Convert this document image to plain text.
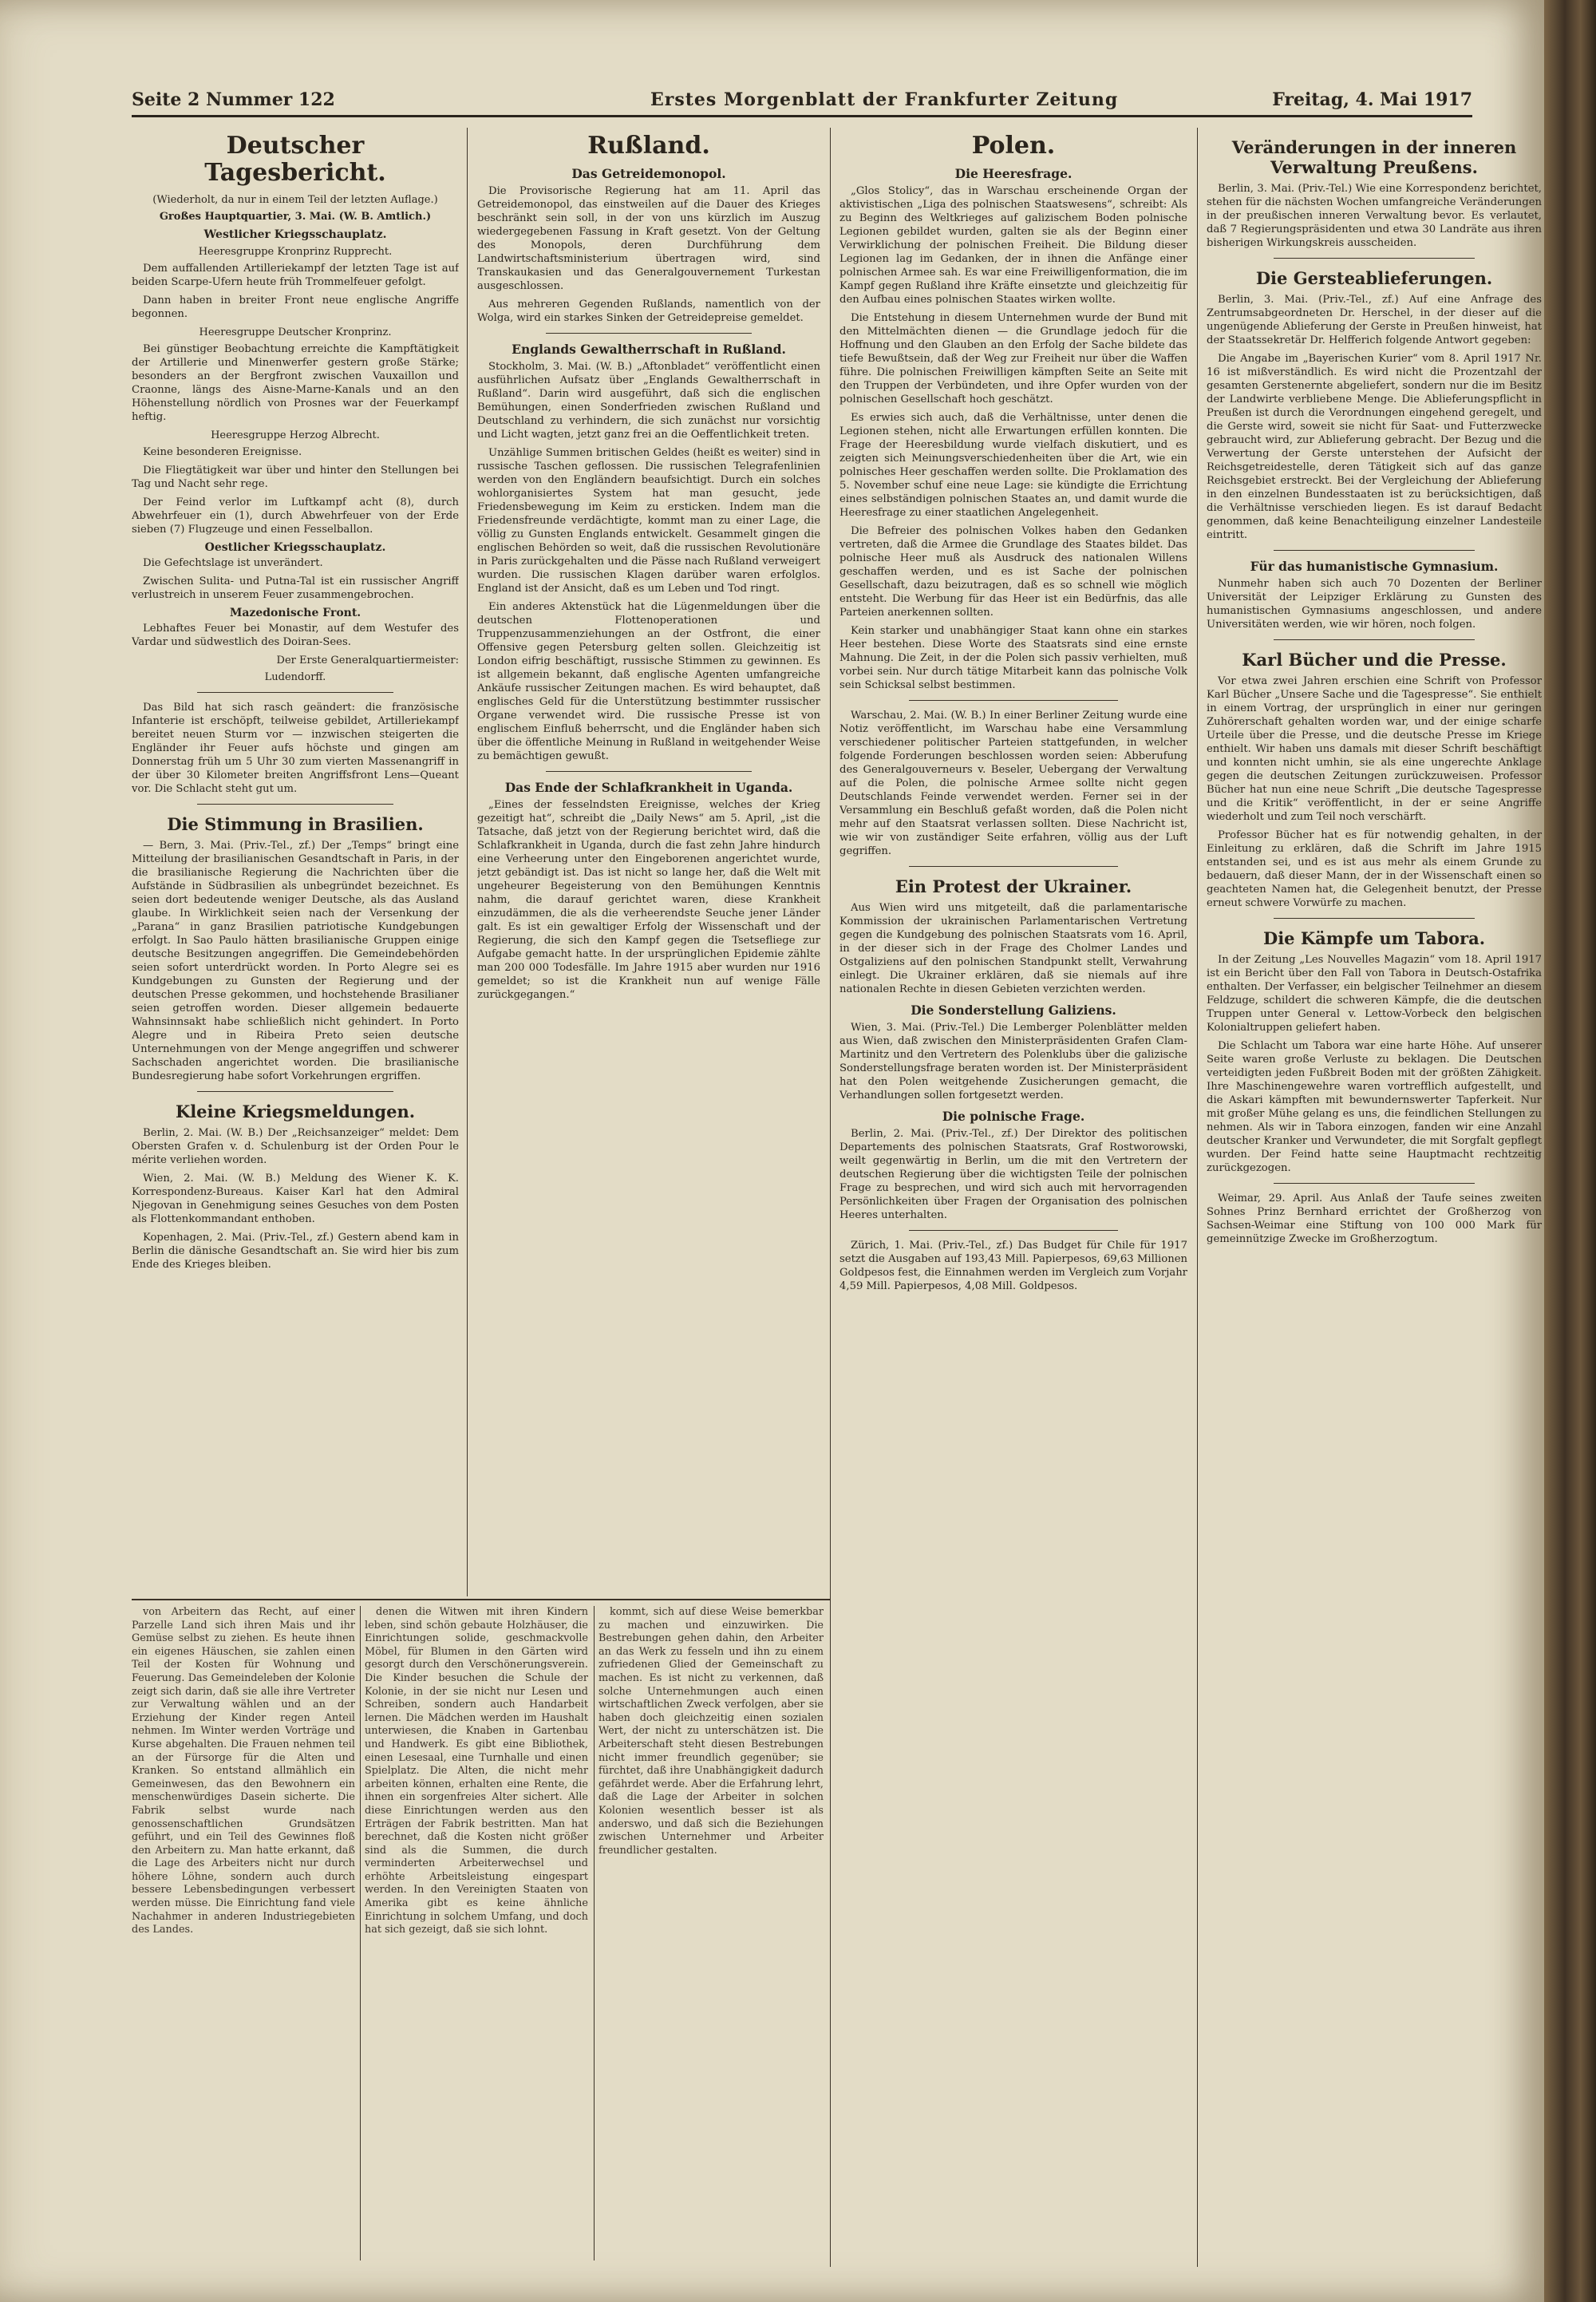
Seite 2 Nummer 122	Erstes Morgenblatt der Frankfurter Zeitung	Freitag, 4. Mai 1917
Deutscher Tagesbericht.
(Wiederholt, da nur in einem Teil der letzten Auflage.)
Großes Hauptquartier, 3. Mai. (W. B. Amtlich.)
Westlicher Kriegsschauplatz.
Heeresgruppe Kronprinz Rupprecht.

Dem auffallenden Artilleriekampf der letzten Tage ist auf beiden Scarpe-Ufern heute früh Trommelfeuer gefolgt.

Dann haben in breiter Front neue englische Angriffe begonnen.

Heeresgruppe Deutscher Kronprinz.

Bei günstiger Beobachtung erreichte die Kampftätigkeit der Artillerie und Minenwerfer gestern große Stärke; besonders an der Bergfront zwischen Vauxaillon und Craonne, längs des Aisne-Marne-Kanals und an den Höhenstellung nördlich von Prosnes war der Feuerkampf heftig.

Heeresgruppe Herzog Albrecht.

Keine besonderen Ereignisse.

Die Fliegtätigkeit war über und hinter den Stellungen bei Tag und Nacht sehr rege.

Der Feind verlor im Luftkampf acht (8), durch Abwehrfeuer ein (1), durch Abwehrfeuer von der Erde sieben (7) Flugzeuge und einen Fesselballon.

Oestlicher Kriegsschauplatz.

Die Gefechtslage ist unverändert.

Zwischen Sulita- und Putna-Tal ist ein russischer Angriff verlustreich in unserem Feuer zusammengebrochen.

Mazedonische Front.

Lebhaftes Feuer bei Monastir, auf dem Westufer des Vardar und südwestlich des Doiran-Sees.

Der Erste Generalquartiermeister:
Ludendorff.

Das Bild hat sich rasch geändert: die französische Infanterie ist erschöpft, teilweise gebildet, Artilleriekampf bereitet neuen Sturm vor — inzwischen steigerten die Engländer ihr Feuer aufs höchste und gingen am Donnerstag früh um 5 Uhr 30 zum vierten Massenangriff in der über 30 Kilometer breiten Angriffsfront Lens—Queant vor. Die Schlacht steht gut um.

Die Stimmung in Brasilien.

— Bern, 3. Mai. (Priv.-Tel., zf.) Der „Temps“ bringt eine Mitteilung der brasilianischen Gesandtschaft in Paris, in der die brasilianische Regierung die Nachrichten über die Aufstände in Südbrasilien als unbegründet bezeichnet. Es seien dort bedeutende weniger Deutsche, als das Ausland glaube. In Wirklichkeit seien nach der Versenkung der „Parana“ in ganz Brasilien patriotische Kundgebungen erfolgt. In Sao Paulo hätten brasilianische Gruppen einige deutsche Besitzungen angegriffen. Die Gemeindebehörden seien sofort unterdrückt worden. In Porto Alegre sei es Kundgebungen zu Gunsten der Regierung und der deutschen Presse gekommen, und hochstehende Brasilianer seien getroffen worden. Dieser allgemein bedauerte Wahnsinnsakt habe schließlich nicht gehindert. In Porto Alegre und in Ribeira Preto seien deutsche Unternehmungen von der Menge angegriffen und schwerer Sachschaden angerichtet worden. Die brasilianische Bundesregierung habe sofort Vorkehrungen ergriffen.

Kleine Kriegsmeldungen.

Berlin, 2. Mai. (W. B.) Der „Reichsanzeiger“ meldet: Dem Obersten Grafen v. d. Schulenburg ist der Orden Pour le mérite verliehen worden.

Wien, 2. Mai. (W. B.) Meldung des Wiener K. K. Korrespondenz-Bureaus. Kaiser Karl hat den Admiral Njegovan in Genehmigung seines Gesuches von dem Posten als Flottenkommandant enthoben.

Kopenhagen, 2. Mai. (Priv.-Tel., zf.) Gestern abend kam in Berlin die dänische Gesandtschaft an. Sie wird hier bis zum Ende des Krieges bleiben.

Rußland.
Das Getreidemonopol.

Die Provisorische Regierung hat am 11. April das Getreidemonopol, das einstweilen auf die Dauer des Krieges beschränkt sein soll, in der von uns kürzlich im Auszug wiedergegebenen Fassung in Kraft gesetzt. Von der Geltung des Monopols, deren Durchführung dem Landwirtschaftsministerium übertragen wird, sind Transkaukasien und das Generalgouvernement Turkestan ausgeschlossen.

Aus mehreren Gegenden Rußlands, namentlich von der Wolga, wird ein starkes Sinken der Getreidepreise gemeldet.

Englands Gewaltherrschaft in Rußland.

Stockholm, 3. Mai. (W. B.) „Aftonbladet“ veröffentlicht einen ausführlichen Aufsatz über „Englands Gewaltherrschaft in Rußland“. Darin wird ausgeführt, daß sich die englischen Bemühungen, einen Sonderfrieden zwischen Rußland und Deutschland zu verhindern, die sich zunächst nur vorsichtig und Licht wagten, jetzt ganz frei an die Oeffentlichkeit treten.

Unzählige Summen britischen Geldes (heißt es weiter) sind in russische Taschen geflossen. Die russischen Telegrafenlinien werden von den Engländern beaufsichtigt. Durch ein solches wohlorganisiertes System hat man gesucht, jede Friedensbewegung im Keim zu ersticken. Indem man die Friedensfreunde verdächtigte, kommt man zu einer Lage, die völlig zu Gunsten Englands entwickelt. Gesammelt gingen die englischen Behörden so weit, daß die russischen Revolutionäre in Paris zurückgehalten und die Pässe nach Rußland verweigert wurden. Die russischen Klagen darüber waren erfolglos. England ist der Ansicht, daß es um Leben und Tod ringt.

Ein anderes Aktenstück hat die Lügenmeldungen über die deutschen Flottenoperationen und Truppenzusammenziehungen an der Ostfront, die einer Offensive gegen Petersburg gelten sollen. Gleichzeitig ist London eifrig beschäftigt, russische Stimmen zu gewinnen. Es ist allgemein bekannt, daß englische Agenten umfangreiche Ankäufe russischer Zeitungen machen. Es wird behauptet, daß englisches Geld für die Unterstützung bestimmter russischer Organe verwendet wird. Die russische Presse ist von englischem Einfluß beherrscht, und die Engländer haben sich über die öffentliche Meinung in Rußland in weitgehender Weise zu bemächtigen gewußt.

Das Ende der Schlafkrankheit in Uganda.

„Eines der fesselndsten Ereignisse, welches der Krieg gezeitigt hat“, schreibt die „Daily News“ am 5. April, „ist die Tatsache, daß jetzt von der Regierung berichtet wird, daß die Schlafkrankheit in Uganda, durch die fast zehn Jahre hindurch eine Verheerung unter den Eingeborenen angerichtet wurde, jetzt gebändigt ist. Das ist nicht so lange her, daß die Welt mit ungeheurer Begeisterung von den Bemühungen Kenntnis nahm, die darauf gerichtet waren, diese Krankheit einzudämmen, die als die verheerendste Seuche jener Länder galt. Es ist ein gewaltiger Erfolg der Wissenschaft und der Regierung, die sich den Kampf gegen die Tsetsefliege zur Aufgabe gemacht hatte. In der ursprünglichen Epidemie zählte man 200 000 Todesfälle. Im Jahre 1915 aber wurden nur 1916 gemeldet; so ist die Krankheit nun auf wenige Fälle zurückgegangen.“

Polen.
Die Heeresfrage.

„Glos Stolicy“, das in Warschau erscheinende Organ der aktivistischen „Liga des polnischen Staatswesens“, schreibt: Als zu Beginn des Weltkrieges auf galizischem Boden polnische Legionen gebildet wurden, galten sie als der Beginn einer Verwirklichung der polnischen Freiheit. Die Bildung dieser Legionen lag im Gedanken, der in ihnen die Anfänge einer polnischen Armee sah. Es war eine Freiwilligenformation, die im Kampf gegen Rußland ihre Kräfte einsetzte und gleichzeitig für den Aufbau eines polnischen Staates wirken wollte.

Die Entstehung in diesem Unternehmen wurde der Bund mit den Mittelmächten dienen — die Grundlage jedoch für die Hoffnung und den Glauben an den Erfolg der Sache bildete das tiefe Bewußtsein, daß der Weg zur Freiheit nur über die Waffen führe. Die polnischen Freiwilligen kämpften Seite an Seite mit den Truppen der Verbündeten, und ihre Opfer wurden von der polnischen Gesellschaft hoch geschätzt.

Es erwies sich auch, daß die Verhältnisse, unter denen die Legionen stehen, nicht alle Erwartungen erfüllen konnten. Die Frage der Heeresbildung wurde vielfach diskutiert, und es zeigten sich Meinungsverschiedenheiten über die Art, wie ein polnisches Heer geschaffen werden sollte. Die Proklamation des 5. November schuf eine neue Lage: sie kündigte die Errichtung eines selbständigen polnischen Staates an, und damit wurde die Heeresfrage zu einer staatlichen Angelegenheit.

Die Befreier des polnischen Volkes haben den Gedanken vertreten, daß die Armee die Grundlage des Staates bildet. Das polnische Heer muß als Ausdruck des nationalen Willens geschaffen werden, und es ist Sache der polnischen Gesellschaft, dazu beizutragen, daß es so schnell wie möglich entsteht. Die Werbung für das Heer ist ein Bedürfnis, das alle Parteien anerkennen sollten.

Kein starker und unabhängiger Staat kann ohne ein starkes Heer bestehen. Diese Worte des Staatsrats sind eine ernste Mahnung. Die Zeit, in der die Polen sich passiv verhielten, muß vorbei sein. Nur durch tätige Mitarbeit kann das polnische Volk sein Schicksal selbst bestimmen.

Warschau, 2. Mai. (W. B.) In einer Berliner Zeitung wurde eine Notiz veröffentlicht, im Warschau habe eine Versammlung verschiedener politischer Parteien stattgefunden, in welcher folgende Forderungen beschlossen worden seien: Abberufung des Generalgouverneurs v. Beseler, Uebergang der Verwaltung auf die Polen, die polnische Armee sollte nicht gegen Deutschlands Feinde verwendet werden. Ferner sei in der Versammlung ein Beschluß gefaßt worden, daß die Polen nicht mehr auf den Staatsrat verlassen sollten. Diese Nachricht ist, wie wir von zuständiger Seite erfahren, völlig aus der Luft gegriffen.

Ein Protest der Ukrainer.

Aus Wien wird uns mitgeteilt, daß die parlamentarische Kommission der ukrainischen Parlamentarischen Vertretung gegen die Kundgebung des polnischen Staatsrats vom 16. April, in der dieser sich in der Frage des Cholmer Landes und Ostgaliziens auf den polnischen Standpunkt stellt, Verwahrung einlegt. Die Ukrainer erklären, daß sie niemals auf ihre nationalen Rechte in diesen Gebieten verzichten werden.

Die Sonderstellung Galiziens.

Wien, 3. Mai. (Priv.-Tel.) Die Lemberger Polenblätter melden aus Wien, daß zwischen den Ministerpräsidenten Grafen Clam-Martinitz und den Vertretern des Polenklubs über die galizische Sonderstellungsfrage beraten worden ist. Der Ministerpräsident hat den Polen weitgehende Zusicherungen gemacht, die Verhandlungen sollen fortgesetzt werden.

Die polnische Frage.

Berlin, 2. Mai. (Priv.-Tel., zf.) Der Direktor des politischen Departements des polnischen Staatsrats, Graf Rostworowski, weilt gegenwärtig in Berlin, um die mit den Vertretern der deutschen Regierung über die wichtigsten Teile der polnischen Frage zu besprechen, und wird sich auch mit hervorragenden Persönlichkeiten über Fragen der Organisation des polnischen Heeres unterhalten.

Zürich, 1. Mai. (Priv.-Tel., zf.) Das Budget für Chile für 1917 setzt die Ausgaben auf 193,43 Mill. Papierpesos, 69,63 Millionen Goldpesos fest, die Einnahmen werden im Vergleich zum Vorjahr 4,59 Mill. Papierpesos, 4,08 Mill. Goldpesos.

Veränderungen in der inneren Verwaltung Preußens.

Berlin, 3. Mai. (Priv.-Tel.) Wie eine Korrespondenz berichtet, stehen für die nächsten Wochen umfangreiche Veränderungen in der preußischen inneren Verwaltung bevor. Es verlautet, daß 7 Regierungspräsidenten und etwa 30 Landräte aus ihren bisherigen Wirkungskreis ausscheiden.

Die Gersteablieferungen.

Berlin, 3. Mai. (Priv.-Tel., zf.) Auf eine Anfrage des Zentrumsabgeordneten Dr. Herschel, in der dieser auf die ungenügende Ablieferung der Gerste in Preußen hinweist, hat der Staatssekretär Dr. Helfferich folgende Antwort gegeben:

Die Angabe im „Bayerischen Kurier“ vom 8. April 1917 Nr. 16 ist mißverständlich. Es wird nicht die Prozentzahl der gesamten Gerstenernte abgeliefert, sondern nur die im Besitz der Landwirte verbliebene Menge. Die Ablieferungspflicht in Preußen ist durch die Verordnungen eingehend geregelt, und die Gerste wird, soweit sie nicht für Saat- und Futterzwecke gebraucht wird, zur Ablieferung gebracht. Der Bezug und die Verwertung der Gerste unterstehen der Aufsicht der Reichsgetreidestelle, deren Tätigkeit sich auf das ganze Reichsgebiet erstreckt. Bei der Vergleichung der Ablieferung in den einzelnen Bundesstaaten ist zu berücksichtigen, daß die Verhältnisse verschieden liegen. Es ist darauf Bedacht genommen, daß keine Benachteiligung einzelner Landesteile eintritt.

Für das humanistische Gymnasium.

Nunmehr haben sich auch 70 Dozenten der Berliner Universität der Leipziger Erklärung zu Gunsten des humanistischen Gymnasiums angeschlossen, und andere Universitäten werden, wie wir hören, noch folgen.

Karl Bücher und die Presse.

Vor etwa zwei Jahren erschien eine Schrift von Professor Karl Bücher „Unsere Sache und die Tagespresse“. Sie enthielt in einem Vortrag, der ursprünglich in einer nur geringen Zuhörerschaft gehalten worden war, und der einige scharfe Urteile über die Presse, und die deutsche Presse im Kriege enthielt. Wir haben uns damals mit dieser Schrift beschäftigt und konnten nicht umhin, sie als eine ungerechte Anklage gegen die deutschen Zeitungen zurückzuweisen. Professor Bücher hat nun eine neue Schrift „Die deutsche Tagespresse und die Kritik“ veröffentlicht, in der er seine Angriffe wiederholt und zum Teil noch verschärft.

Professor Bücher hat es für notwendig gehalten, in der Einleitung zu erklären, daß die Schrift im Jahre 1915 entstanden sei, und es ist aus mehr als einem Grunde zu bedauern, daß dieser Mann, der in der Wissenschaft einen so geachteten Namen hat, die Gelegenheit benutzt, der Presse erneut schwere Vorwürfe zu machen.

Die Kämpfe um Tabora.

In der Zeitung „Les Nouvelles Magazin“ vom 18. April 1917 ist ein Bericht über den Fall von Tabora in Deutsch-Ostafrika enthalten. Der Verfasser, ein belgischer Teilnehmer an diesem Feldzuge, schildert die schweren Kämpfe, die die deutschen Truppen unter General v. Lettow-Vorbeck den belgischen Kolonialtruppen geliefert haben.

Die Schlacht um Tabora war eine harte Höhe. Auf unserer Seite waren große Verluste zu beklagen. Die Deutschen verteidigten jeden Fußbreit Boden mit der größten Zähigkeit. Ihre Maschinengewehre waren vortrefflich aufgestellt, und die Askari kämpften mit bewundernswerter Tapferkeit. Nur mit großer Mühe gelang es uns, die feindlichen Stellungen zu nehmen. Als wir in Tabora einzogen, fanden wir eine Anzahl deutscher Kranker und Verwundeter, die mit Sorgfalt gepflegt wurden. Der Feind hatte seine Hauptmacht rechtzeitig zurückgezogen.

Weimar, 29. April. Aus Anlaß der Taufe seines zweiten Sohnes Prinz Bernhard errichtet der Großherzog von Sachsen-Weimar eine Stiftung von 100 000 Mark für gemeinnützige Zwecke im Großherzogtum.

von Arbeitern das Recht, auf einer Parzelle Land sich ihren Mais und ihr Gemüse selbst zu ziehen. Es heute ihnen ein eigenes Häuschen, sie zahlen einen Teil der Kosten für Wohnung und Feuerung. Das Gemeindeleben der Kolonie zeigt sich darin, daß sie alle ihre Vertreter zur Verwaltung wählen und an der Erziehung der Kinder regen Anteil nehmen. Im Winter werden Vorträge und Kurse abgehalten. Die Frauen nehmen teil an der Fürsorge für die Alten und Kranken. So entstand allmählich ein Gemeinwesen, das den Bewohnern ein menschenwürdiges Dasein sicherte. Die Fabrik selbst wurde nach genossenschaftlichen Grundsätzen geführt, und ein Teil des Gewinnes floß den Arbeitern zu. Man hatte erkannt, daß die Lage des Arbeiters nicht nur durch höhere Löhne, sondern auch durch bessere Lebensbedingungen verbessert werden müsse. Die Einrichtung fand viele Nachahmer in anderen Industriegebieten des Landes.

denen die Witwen mit ihren Kindern leben, sind schön gebaute Holzhäuser, die Einrichtungen solide, geschmackvolle Möbel, für Blumen in den Gärten wird gesorgt durch den Verschönerungsverein. Die Kinder besuchen die Schule der Kolonie, in der sie nicht nur Lesen und Schreiben, sondern auch Handarbeit lernen. Die Mädchen werden im Haushalt unterwiesen, die Knaben in Gartenbau und Handwerk. Es gibt eine Bibliothek, einen Lesesaal, eine Turnhalle und einen Spielplatz. Die Alten, die nicht mehr arbeiten können, erhalten eine Rente, die ihnen ein sorgenfreies Alter sichert. Alle diese Einrichtungen werden aus den Erträgen der Fabrik bestritten. Man hat berechnet, daß die Kosten nicht größer sind als die Summen, die durch verminderten Arbeiterwechsel und erhöhte Arbeitsleistung eingespart werden. In den Vereinigten Staaten von Amerika gibt es keine ähnliche Einrichtung in solchem Umfang, und doch hat sich gezeigt, daß sie sich lohnt.

kommt, sich auf diese Weise bemerkbar zu machen und einzuwirken. Die Bestrebungen gehen dahin, den Arbeiter an das Werk zu fesseln und ihn zu einem zufriedenen Glied der Gemeinschaft zu machen. Es ist nicht zu verkennen, daß solche Unternehmungen auch einen wirtschaftlichen Zweck verfolgen, aber sie haben doch gleichzeitig einen sozialen Wert, der nicht zu unterschätzen ist. Die Arbeiterschaft steht diesen Bestrebungen nicht immer freundlich gegenüber; sie fürchtet, daß ihre Unabhängigkeit dadurch gefährdet werde. Aber die Erfahrung lehrt, daß die Lage der Arbeiter in solchen Kolonien wesentlich besser ist als anderswo, und daß sich die Beziehungen zwischen Unternehmer und Arbeiter freundlicher gestalten.
